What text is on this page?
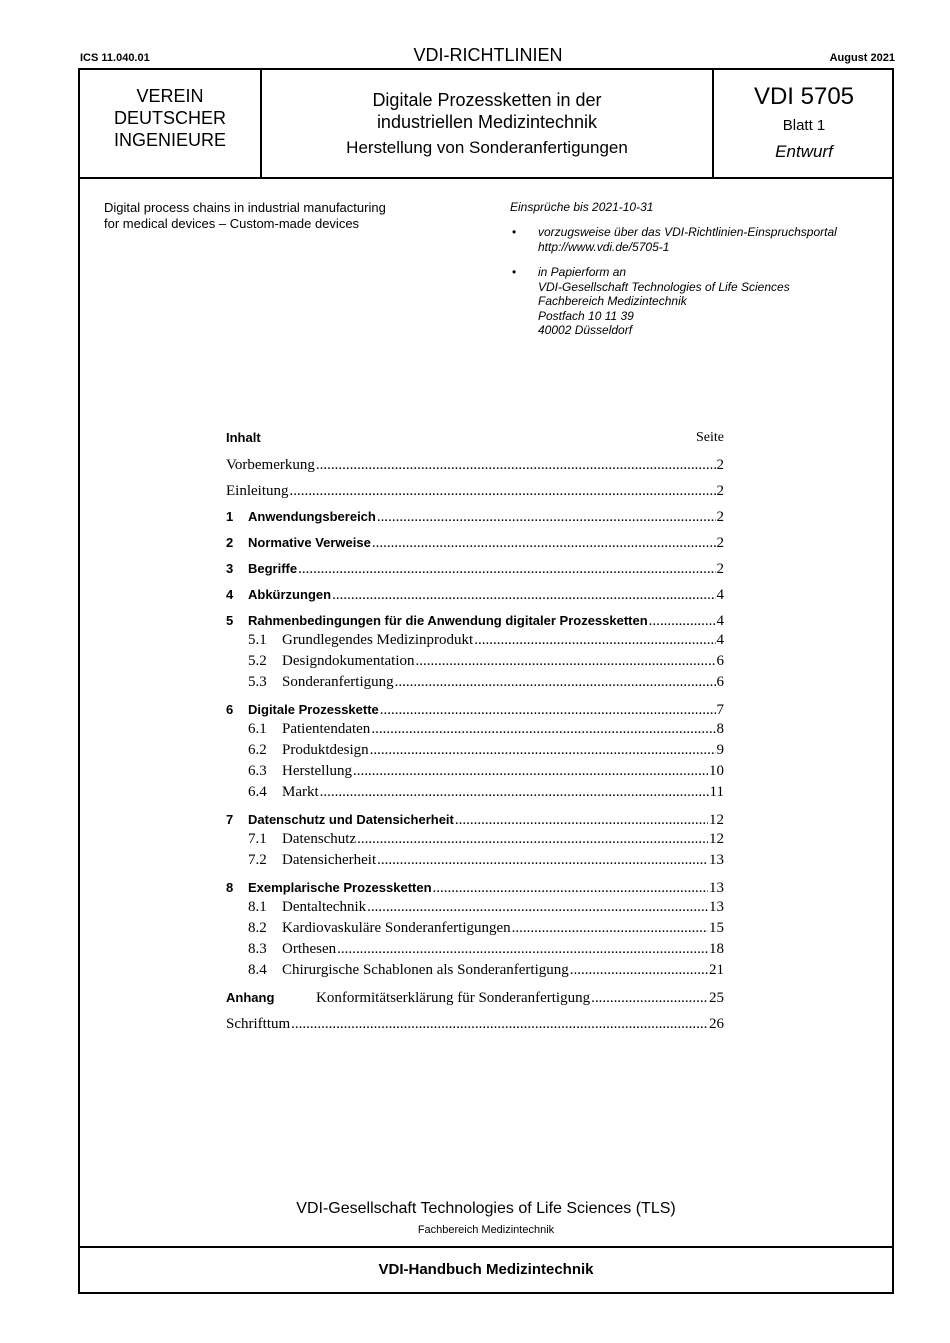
ICS 11.040.01	VDI-RICHTLINIEN	August 2021
VEREIN
DEUTSCHER
INGENIEURE
Digitale Prozessketten in der
industriellen Medizintechnik
Herstellung von Sonderanfertigungen
VDI 5705
Blatt 1
Entwurf
Digital process chains in industrial manufacturing
for medical devices – Custom-made devices
Einsprüche bis 2021-10-31
• vorzugsweise über das VDI-Richtlinien-Einspruchsportal
http://www.vdi.de/5705-1
• in Papierform an
VDI-Gesellschaft Technologies of Life Sciences
Fachbereich Medizintechnik
Postfach 10 11 39
40002 Düsseldorf
Inhalt	Seite
Vorbemerkung .....	2
Einleitung .....	2
1	Anwendungsbereich .....	2
2	Normative Verweise .....	2
3	Begriffe .....	2
4	Abkürzungen .....	4
5	Rahmenbedingungen für die Anwendung digitaler Prozessketten .....	4
5.1	Grundlegendes Medizinprodukt .....	4
5.2	Designdokumentation .....	6
5.3	Sonderanfertigung .....	6
6	Digitale Prozesskette .....	7
6.1	Patientendaten .....	8
6.2	Produktdesign .....	9
6.3	Herstellung .....	10
6.4	Markt .....	11
7	Datenschutz und Datensicherheit .....	12
7.1	Datenschutz .....	12
7.2	Datensicherheit .....	13
8	Exemplarische Prozessketten .....	13
8.1	Dentaltechnik .....	13
8.2	Kardiovaskuläre Sonderanfertigungen .....	15
8.3	Orthesen .....	18
8.4	Chirurgische Schablonen als Sonderanfertigung .....	21
Anhang	Konformitätserklärung für Sonderanfertigung .....	25
Schrifttum .....	26
VDI-Gesellschaft Technologies of Life Sciences (TLS)
Fachbereich Medizintechnik
VDI-Handbuch Medizintechnik
